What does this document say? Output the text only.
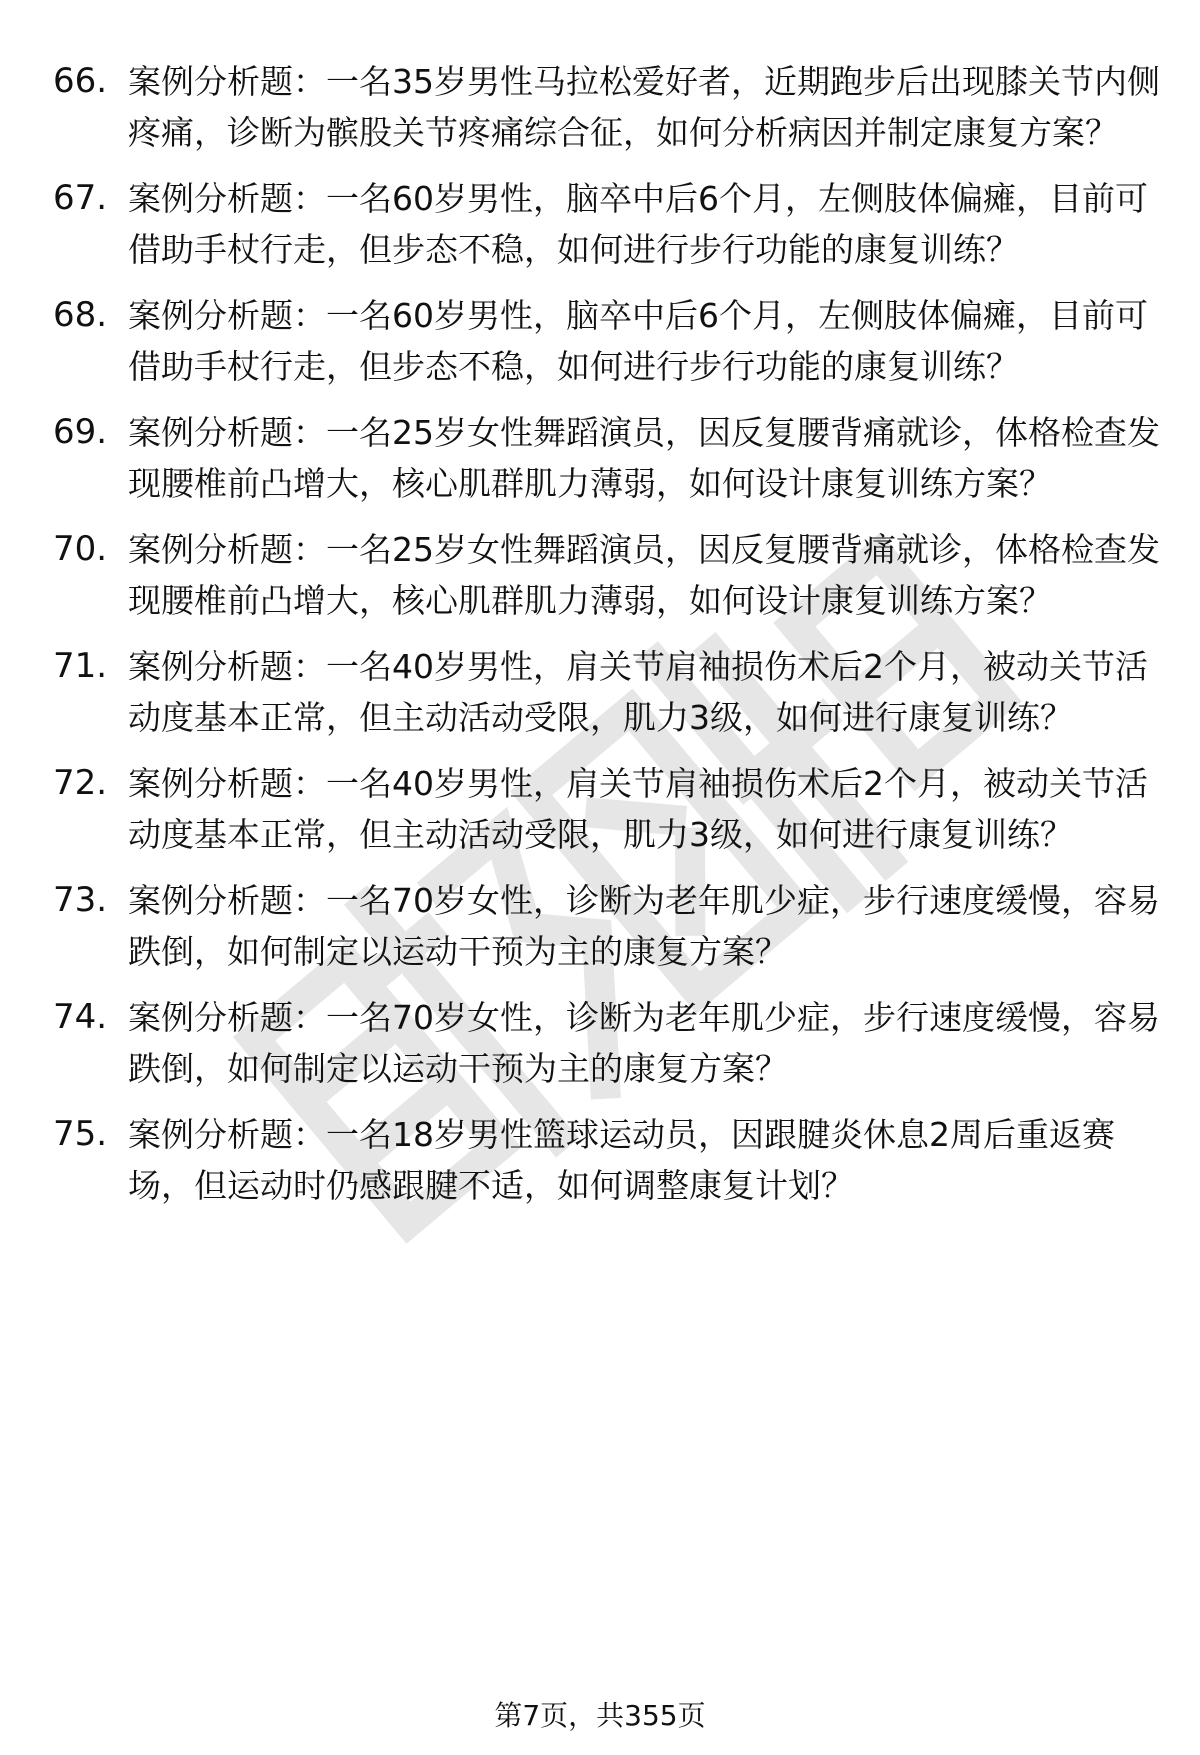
66. 案例分析题：一名35岁男性马拉松爱好者，近期跑步后出现膝关节内侧疼痛，诊断为髌股关节疼痛综合征，如何分析病因并制定康复方案？
67. 案例分析题：一名60岁男性，脑卒中后6个月，左侧肢体偏瘫，目前可借助手杖行走，但步态不稳，如何进行步行功能的康复训练？
68. 案例分析题：一名60岁男性，脑卒中后6个月，左侧肢体偏瘫，目前可借助手杖行走，但步态不稳，如何进行步行功能的康复训练？
69. 案例分析题：一名25岁女性舞蹈演员，因反复腰背痛就诊，体格检查发现腰椎前凸增大，核心肌群肌力薄弱，如何设计康复训练方案？
70. 案例分析题：一名25岁女性舞蹈演员，因反复腰背痛就诊，体格检查发现腰椎前凸增大，核心肌群肌力薄弱，如何设计康复训练方案？
71. 案例分析题：一名40岁男性，肩关节肩袖损伤术后2个月，被动关节活动度基本正常，但主动活动受限，肌力3级，如何进行康复训练？
72. 案例分析题：一名40岁男性，肩关节肩袖损伤术后2个月，被动关节活动度基本正常，但主动活动受限，肌力3级，如何进行康复训练？
73. 案例分析题：一名70岁女性，诊断为老年肌少症，步行速度缓慢，容易跌倒，如何制定以运动干预为主的康复方案？
74. 案例分析题：一名70岁女性，诊断为老年肌少症，步行速度缓慢，容易跌倒，如何制定以运动干预为主的康复方案？
75. 案例分析题：一名18岁男性篮球运动员，因跟腱炎休息2周后重返赛场，但运动时仍感跟腱不适，如何调整康复计划？
第7页，共355页
